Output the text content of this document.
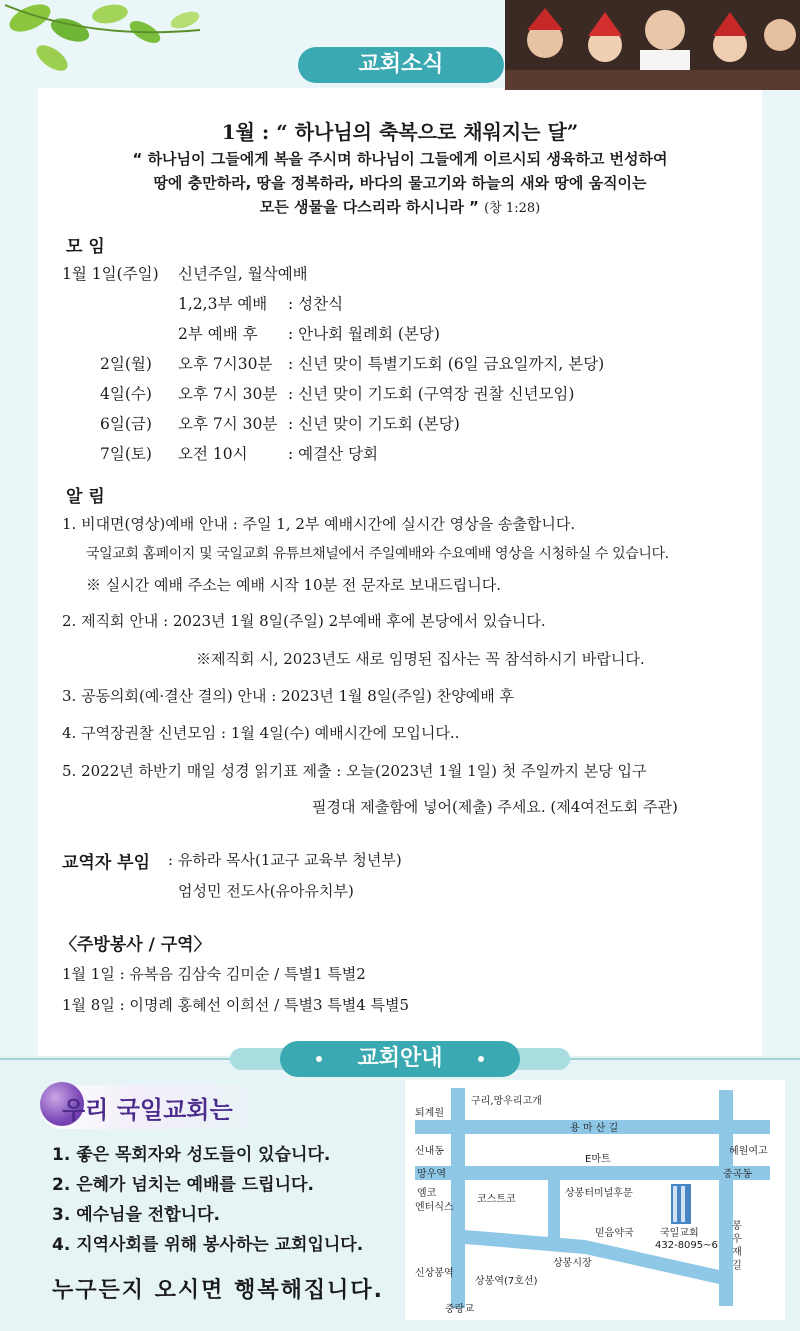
교회소식
1월 : “ 하나님의 축복으로 채워지는 달”
“ 하나님이 그들에게 복을 주시며 하나님이 그들에게 이르시되 생육하고 번성하여
땅에 충만하라, 땅을 정복하라, 바다의 물고기와 하늘의 새와 땅에 움직이는
모든 생물을 다스리라 하시니라 ” (창 1:28)
모 임
1월 1일(주일) 신년주일, 월삭예배
1,2,3부 예배 : 성찬식
2부 예배 후 : 안나회 월례회 (본당)
2일(월) 오후 7시30분 : 신년 맞이 특별기도회 (6일 금요일까지, 본당)
4일(수) 오후 7시 30분 : 신년 맞이 기도회 (구역장 권찰 신년모임)
6일(금) 오후 7시 30분 : 신년 맞이 기도회 (본당)
7일(토) 오전 10시	: 예결산 당회
알 림
1. 비대면(영상)예배 안내 : 주일 1, 2부 예배시간에 실시간 영상을 송출합니다.
국일교회 홈페이지 및 국일교회 유튜브채널에서 주일예배와 수요예배 영상을 시청하실 수 있습니다.
※ 실시간 예배 주소는 예배 시작 10분 전 문자로 보내드립니다.
2. 제직회 안내 : 2023년 1월 8일(주일) 2부예배 후에 본당에서 있습니다.
※제직회 시, 2023년도 새로 임명된 집사는 꼭 참석하시기 바랍니다.
3. 공동의회(예·결산 결의) 안내 : 2023년 1월 8일(주일) 찬양예배 후
4. 구역장권찰 신년모임 : 1월 4일(수) 예배시간에 모입니다..
5. 2022년 하반기 매일 성경 읽기표 제출 : 오늘(2023년 1월 1일) 첫 주일까지 본당 입구
필경대 제출함에 넣어(제출) 주세요. (제4여전도회 주관)
교역자 부임 : 유하라 목사(1교구 교육부 청년부)
엄성민 전도사(유아유치부)
〈주방봉사 / 구역〉
1월 1일 : 유복음 김삼숙 김미순 / 특별1 특별2
1월 8일 : 이명례 홍혜선 이희선 / 특별3 특별4 특별5
교회안내
우리 국일교회는
1. 좋은 목회자와 성도들이 있습니다.
2. 은혜가 넘치는 예배를 드립니다.
3. 예수님을 전합니다.
4. 지역사회를 위해 봉사하는 교회입니다.
누구든지 오시면 행복해집니다.
구리,망우리고개
퇴계원
용 마 산 길
신내동
E마트
혜원여고
망우역	중곡동
엠코
엔터식스
코스트코
상봉터미널후문
국일교회
432-8095~6
믿음약국
상봉시장
신상봉역
상봉역(7호선)
중랑교
봉 우 재 길
